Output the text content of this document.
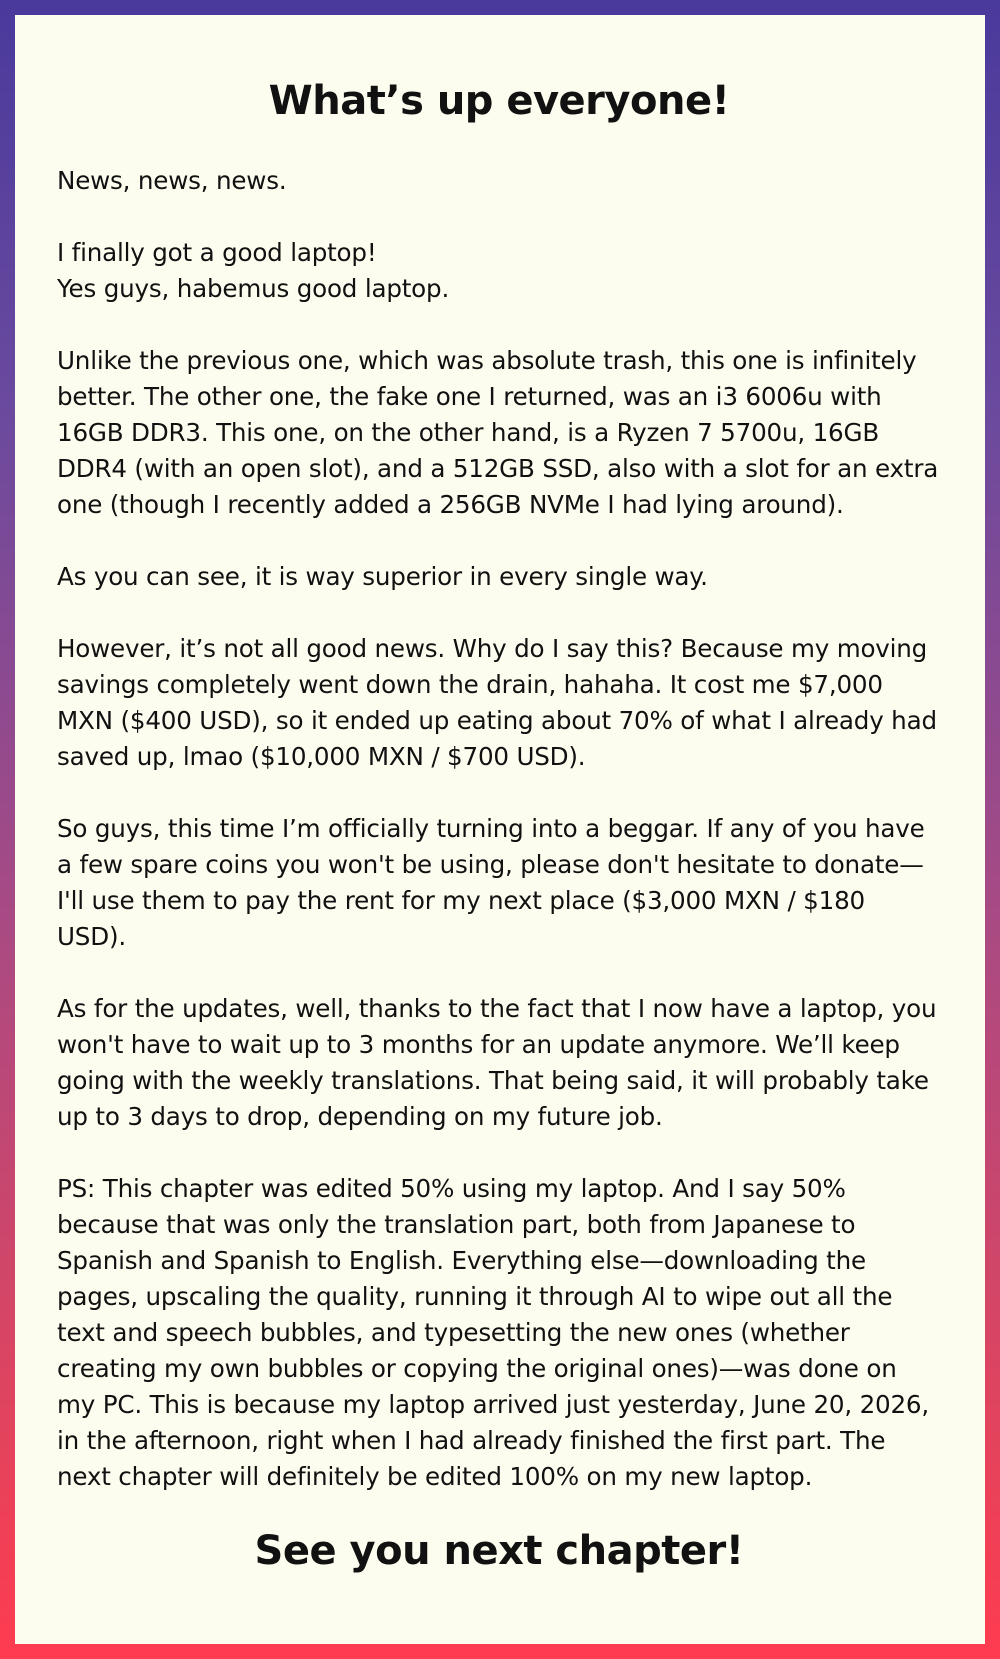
What’s up everyone!

News, news, news.

I finally got a good laptop!
Yes guys, habemus good laptop.

Unlike the previous one, which was absolute trash, this one is infinitely better. The other one, the fake one I returned, was an i3 6006u with 16GB DDR3. This one, on the other hand, is a Ryzen 7 5700u, 16GB DDR4 (with an open slot), and a 512GB SSD, also with a slot for an extra one (though I recently added a 256GB NVMe I had lying around).

As you can see, it is way superior in every single way.

However, it’s not all good news. Why do I say this? Because my moving savings completely went down the drain, hahaha. It cost me $7,000 MXN ($400 USD), so it ended up eating about 70% of what I already had saved up, lmao ($10,000 MXN / $700 USD).

So guys, this time I’m officially turning into a beggar. If any of you have a few spare coins you won't be using, please don't hesitate to donate—I'll use them to pay the rent for my next place ($3,000 MXN / $180 USD).

As for the updates, well, thanks to the fact that I now have a laptop, you won't have to wait up to 3 months for an update anymore. We’ll keep going with the weekly translations. That being said, it will probably take up to 3 days to drop, depending on my future job.

PS: This chapter was edited 50% using my laptop. And I say 50% because that was only the translation part, both from Japanese to Spanish and Spanish to English. Everything else—downloading the pages, upscaling the quality, running it through AI to wipe out all the text and speech bubbles, and typesetting the new ones (whether creating my own bubbles or copying the original ones)—was done on my PC. This is because my laptop arrived just yesterday, June 20, 2026, in the afternoon, right when I had already finished the first part. The next chapter will definitely be edited 100% on my new laptop.

See you next chapter!
